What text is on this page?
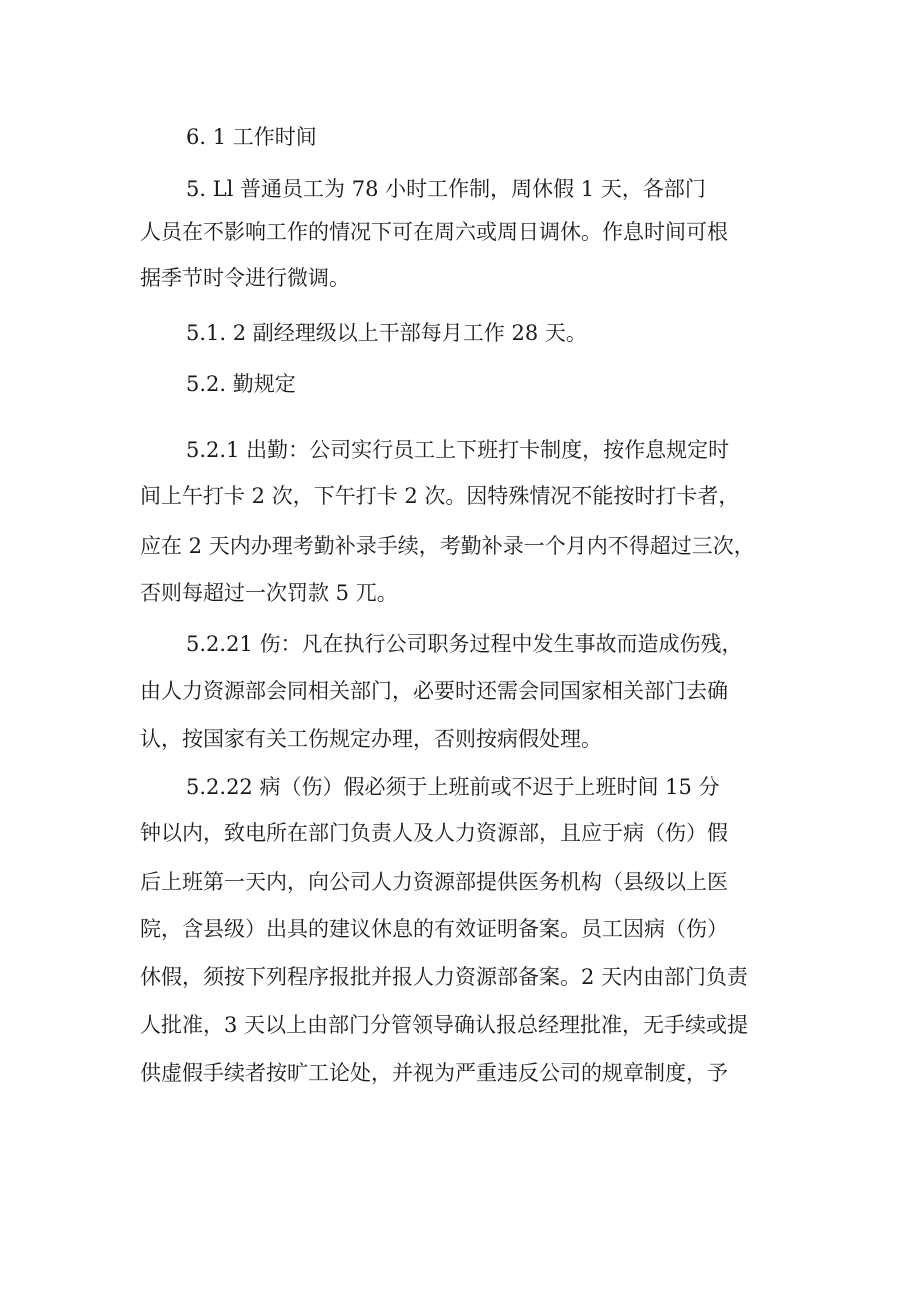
6. 1 工作时间
5. Ll 普通员工为 78 小时工作制，周休假 1 天，各部门
人员在不影响工作的情况下可在周六或周日调休。作息时间可根
据季节时令进行微调。
5.1. 2 副经理级以上干部每月工作 28 天。
5.2. 勤规定
5.2.1 出勤：公司实行员工上下班打卡制度，按作息规定时
间上午打卡 2 次，下午打卡 2 次。因特殊情况不能按时打卡者，
应在 2 天内办理考勤补录手续，考勤补录一个月内不得超过三次，
否则每超过一次罚款 5 兀。
5.2.21 伤：凡在执行公司职务过程中发生事故而造成伤残，
由人力资源部会同相关部门，必要时还需会同国家相关部门去确
认，按国家有关工伤规定办理，否则按病假处理。
5.2.22 病（伤）假必须于上班前或不迟于上班时间 15 分
钟以内，致电所在部门负责人及人力资源部，且应于病（伤）假
后上班第一天内，向公司人力资源部提供医务机构（县级以上医
院，含县级）出具的建议休息的有效证明备案。员工因病（伤）
休假，须按下列程序报批并报人力资源部备案。2 天内由部门负责
人批准，3 天以上由部门分管领导确认报总经理批准，无手续或提
供虚假手续者按旷工论处，并视为严重违反公司的规章制度，予
